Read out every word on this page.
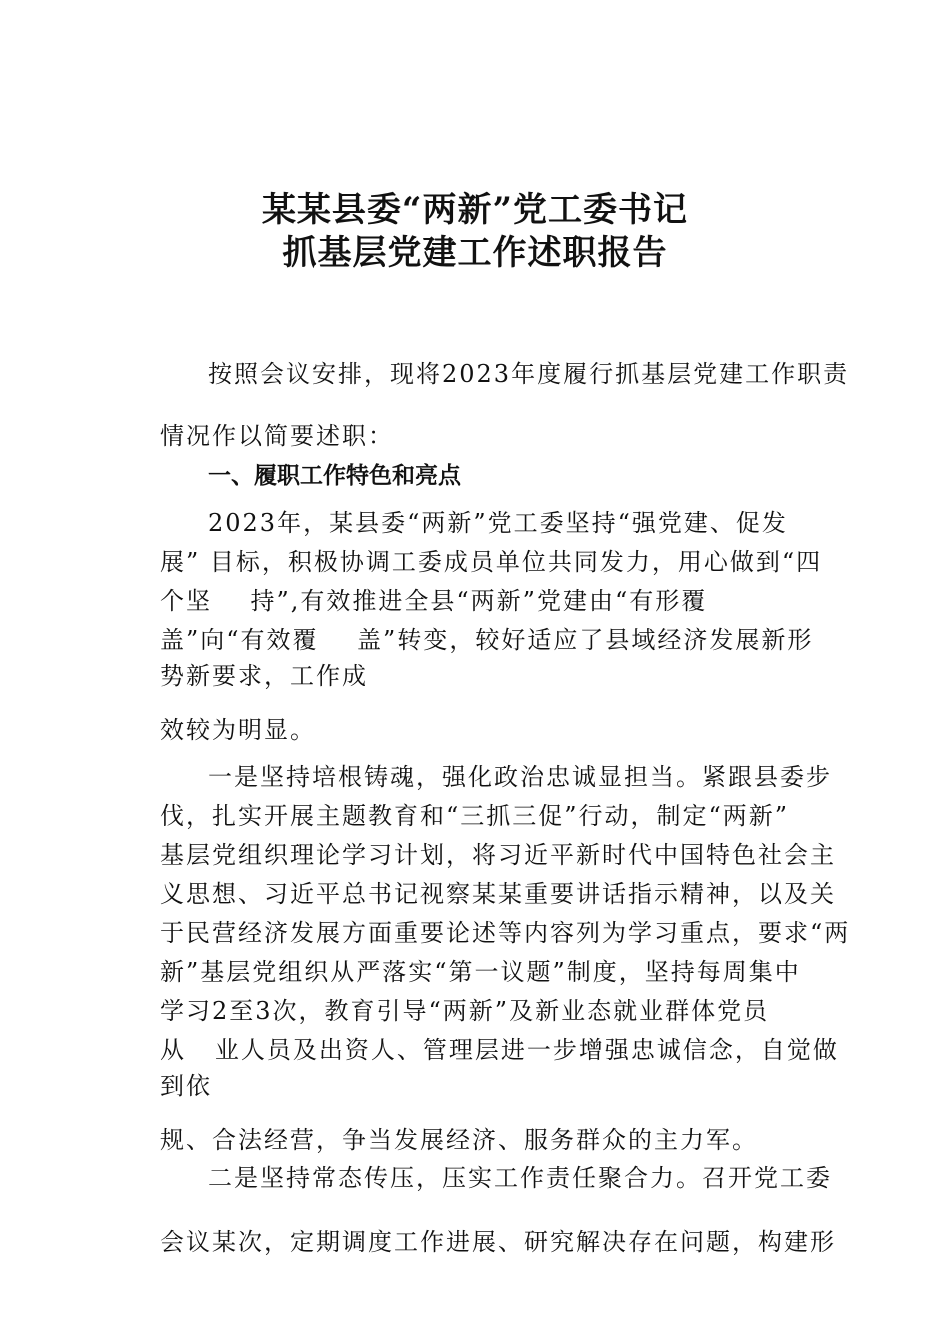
某某县委“两新”党工委书记
抓基层党建工作述职报告
按照会议安排，现将2023年度履行抓基层党建工作职责
情况作以简要述职：
一、履职工作特色和亮点
2023年，某县委“两新”党工委坚持“强党建、促发
展” 目标，积极协调工委成员单位共同发力，用心做到“四
个坚    持”,有效推进全县“两新”党建由“有形覆
盖”向“有效覆    盖”转变，较好适应了县域经济发展新形
势新要求，工作成
效较为明显。
一是坚持培根铸魂，强化政治忠诚显担当。紧跟县委步
伐，扎实开展主题教育和“三抓三促”行动，制定“两新”
基层党组织理论学习计划，将习近平新时代中国特色社会主
义思想、习近平总书记视察某某重要讲话指示精神，以及关
于民营经济发展方面重要论述等内容列为学习重点，要求“两
新”基层党组织从严落实“第一议题”制度，坚持每周集中
学习2至3次，教育引导“两新”及新业态就业群体党员
从   业人员及出资人、管理层进一步增强忠诚信念，自觉做
到依
规、合法经营，争当发展经济、服务群众的主力军。
二是坚持常态传压，压实工作责任聚合力。召开党工委
会议某次，定期调度工作进展、研究解决存在问题，构建形
